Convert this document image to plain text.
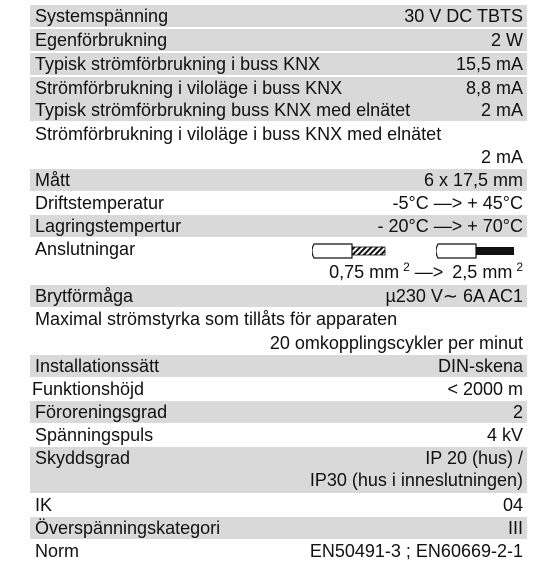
Systemspänning	30 V DC TBTS
Egenförbrukning	2 W
Typisk strömförbrukning i buss KNX	15,5 mA
Strömförbrukning i viloläge i buss KNX	8,8 mA
Typisk strömförbrukning buss KNX med elnätet	2 mA
Strömförbrukning i viloläge i buss KNX med elnätet
2 mA
Mått	6 x 17,5 mm
Driftstemperatur	-5°C —> + 45°C
Lagringstempertur	- 20°C —> + 70°C
Anslutningar
0,75 mm $^2$ —> 2,5 mm $^2$
Brytförmåga	µ230 V∼ 6A AC1
Maximal strömstyrka som tillåts för apparaten
20 omkopplingscykler per minut
Installationssätt	DIN-skena
Funktionshöjd	< 2000 m
Föroreningsgrad	2
Spänningspuls	4 kV
Skyddsgrad	IP 20 (hus) /
IP30 (hus i inneslutningen)
IK	04
Överspänningskategori	III
Norm	EN50491-3 ; EN60669-2-1
